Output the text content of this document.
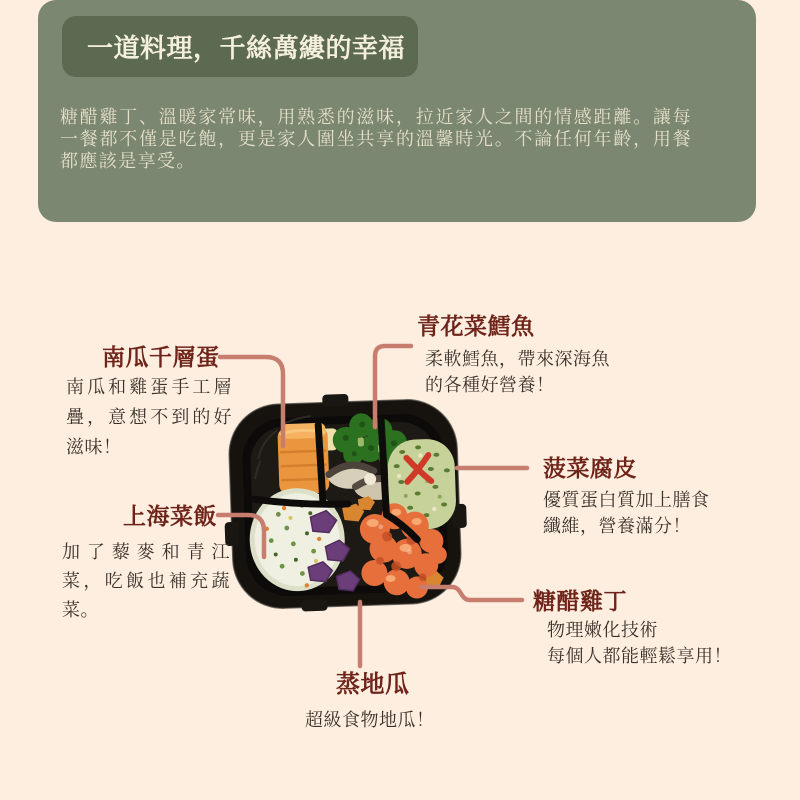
一道料理，千絲萬縷的幸福

糖醋雞丁、溫暖家常味，用熟悉的滋味，拉近家人之間的情感距離。讓每一餐都不僅是吃飽，更是家人圍坐共享的溫馨時光。不論任何年齡，用餐都應該是享受。

南瓜千層蛋

南瓜和雞蛋手工層
疊，意想不到的好
滋味！

青花菜鱈魚

柔軟鱈魚，帶來深海魚
的各種好營養！

菠菜腐皮

優質蛋白質加上膳食
纖維，營養滿分！

上海菜飯

加了藜麥和青江
菜，吃飯也補充蔬
菜。	糖醋雞丁

物理嫩化技術
每個人都能輕鬆享用！

蒸地瓜

超級食物地瓜！
